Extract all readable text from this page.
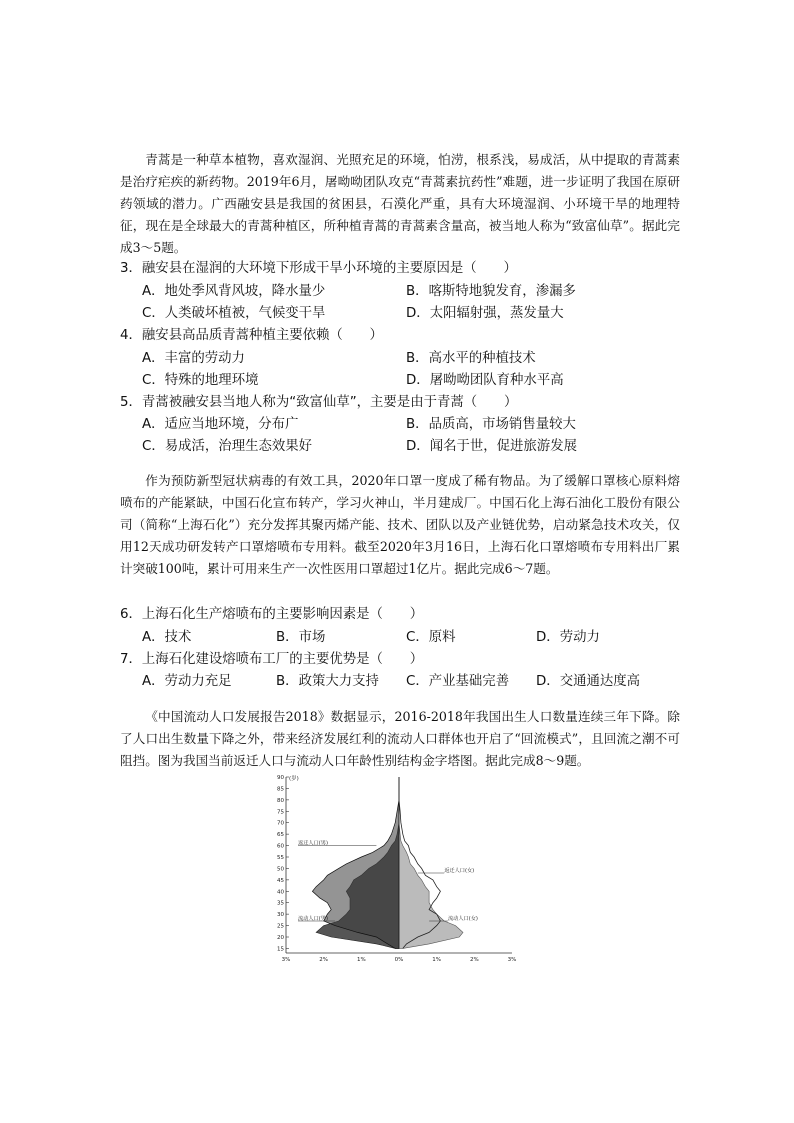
青蒿是一种草本植物，喜欢湿润、光照充足的环境，怕涝，根系浅，易成活，从中提取的青蒿素是治疗疟疾的新药物。2019年6月，屠呦呦团队攻克“青蒿素抗药性”难题，进一步证明了我国在原研药领域的潜力。广西融安县是我国的贫困县，石漠化严重，具有大环境湿润、小环境干旱的地理特征，现在是全球最大的青蒿种植区，所种植青蒿的青蒿素含量高，被当地人称为“致富仙草”。据此完成3～5题。

3．融安县在湿润的大环境下形成干旱小环境的主要原因是（　　）
A．地处季风背风坡，降水量少	B．喀斯特地貌发育，渗漏多
C．人类破坏植被，气候变干旱	D．太阳辐射强，蒸发量大
4．融安县高品质青蒿种植主要依赖（　　）
A．丰富的劳动力	B．高水平的种植技术
C．特殊的地理环境	D．屠呦呦团队育种水平高
5．青蒿被融安县当地人称为“致富仙草”，主要是由于青蒿（　　）
A．适应当地环境，分布广	B．品质高，市场销售量较大
C．易成活，治理生态效果好	D．闻名于世，促进旅游发展

作为预防新型冠状病毒的有效工具，2020年口罩一度成了稀有物品。为了缓解口罩核心原料熔喷布的产能紧缺，中国石化宣布转产，学习火神山，半月建成厂。中国石化上海石油化工股份有限公司（简称“上海石化”）充分发挥其聚丙烯产能、技术、团队以及产业链优势，启动紧急技术攻关，仅用12天成功研发转产口罩熔喷布专用料。截至2020年3月16日，上海石化口罩熔喷布专用料出厂累计突破100吨，累计可用来生产一次性医用口罩超过1亿片。据此完成6～7题。

6．上海石化生产熔喷布的主要影响因素是（　　）
A．技术	B．市场	C．原料	D．劳动力
7．上海石化建设熔喷布工厂的主要优势是（　　）
A．劳动力充足	B．政策大力支持 C．产业基础完善 D．交通通达度高

《中国流动人口发展报告2018》数据显示，2016-2018年我国出生人口数量连续三年下降。除了人口出生数量下降之外，带来经济发展红利的流动人口群体也开启了“回流模式”，且回流之潮不可阻挡。图为我国当前返迁人口与流动人口年龄性别结构金字塔图。据此完成8～9题。

90
85
80
75
70
65
60
55
50
45
40
35
30
25
20
15
(岁)
3%	2%	1%	0%	1%	2%	3%
返迁人口(男)
返迁人口(女)
流动人口(男)	流动人口(女)
